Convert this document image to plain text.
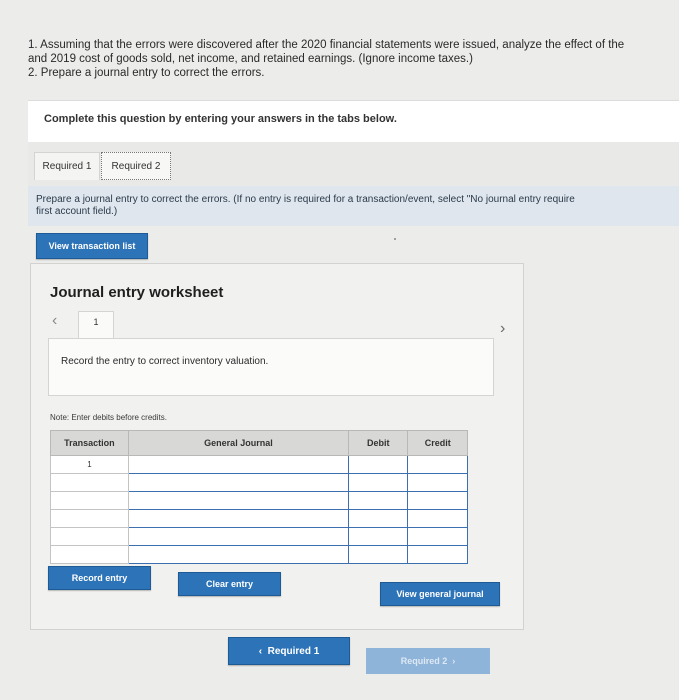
1. Assuming that the errors were discovered after the 2020 financial statements were issued, analyze the effect of the
and 2019 cost of goods sold, net income, and retained earnings. (Ignore income taxes.)
2. Prepare a journal entry to correct the errors.
Complete this question by entering your answers in the tabs below.
Required 1	Required 2
Prepare a journal entry to correct the errors. (If no entry is required for a transaction/event, select "No journal entry require
first account field.)
View transaction list
Journal entry worksheet
‹	1	›
Record the entry to correct inventory valuation.
Note: Enter debits before credits.
Transaction	General Journal	Debit	Credit
1			

Record entry
Clear entry
View general journal
‹  Required 1
Required 2  ›
